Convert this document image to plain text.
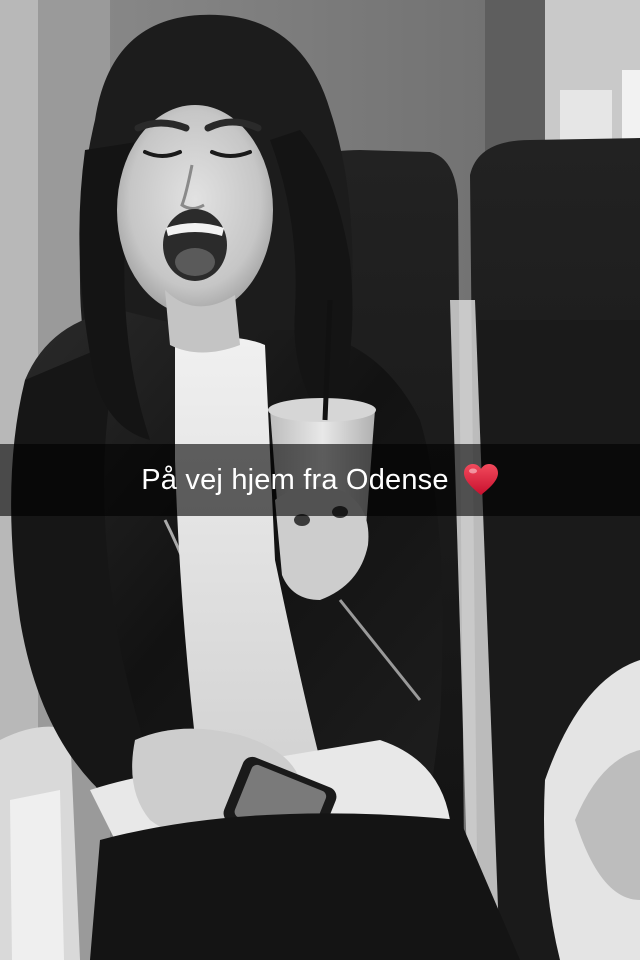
På vej hjem fra Odense
